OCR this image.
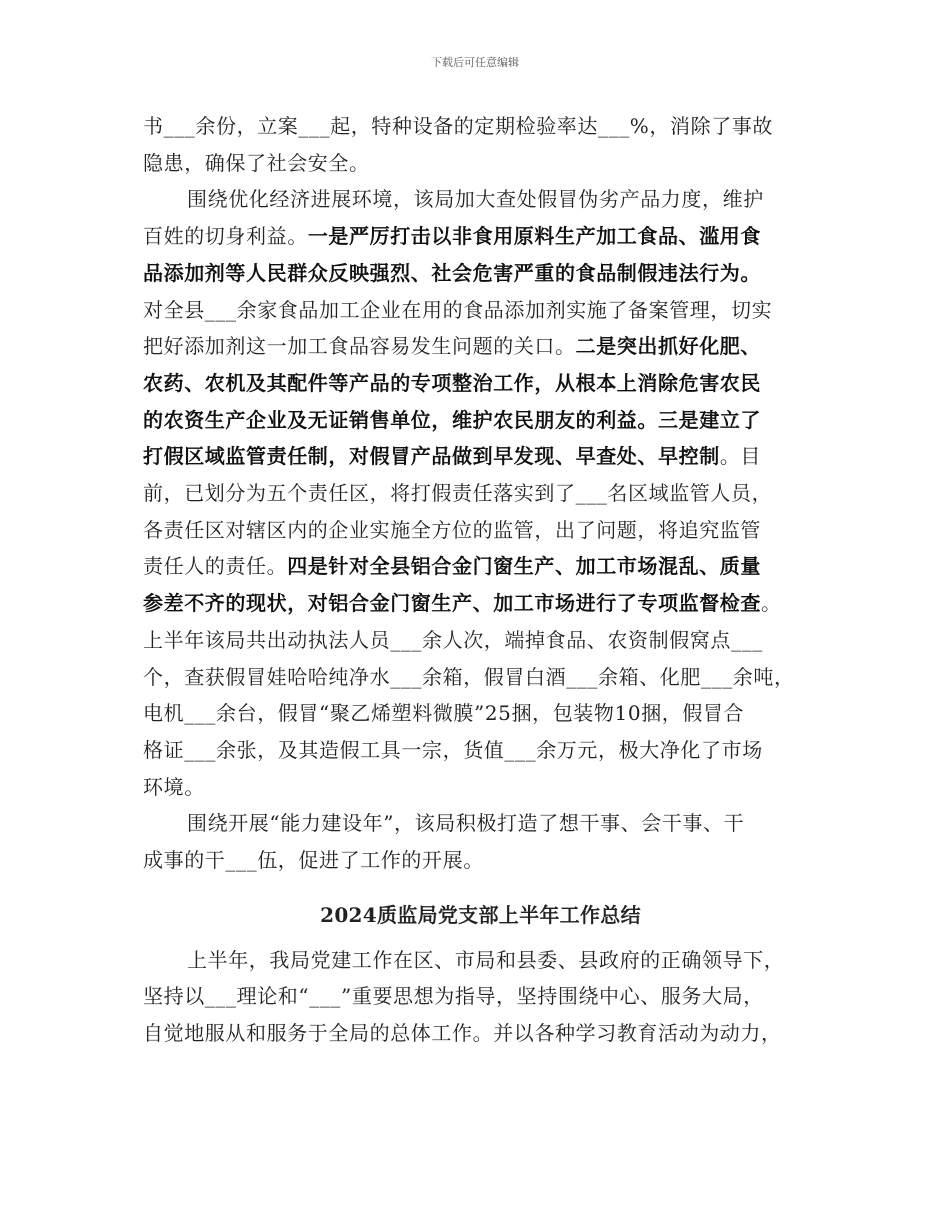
下载后可任意编辑
书___余份，立案___起，特种设备的定期检验率达___%，消除了事故
隐患，确保了社会安全。
围绕优化经济进展环境，该局加大查处假冒伪劣产品力度，维护
百姓的切身利益。一是严厉打击以非食用原料生产加工食品、滥用食
品添加剂等人民群众反映强烈、社会危害严重的食品制假违法行为。
对全县___余家食品加工企业在用的食品添加剂实施了备案管理，切实
把好添加剂这一加工食品容易发生问题的关口。二是突出抓好化肥、
农药、农机及其配件等产品的专项整治工作，从根本上消除危害农民
的农资生产企业及无证销售单位，维护农民朋友的利益。三是建立了
打假区域监管责任制，对假冒产品做到早发现、早查处、早控制。目
前，已划分为五个责任区，将打假责任落实到了___名区域监管人员，
各责任区对辖区内的企业实施全方位的监管，出了问题，将追究监管
责任人的责任。四是针对全县铝合金门窗生产、加工市场混乱、质量
参差不齐的现状，对铝合金门窗生产、加工市场进行了专项监督检查。
上半年该局共出动执法人员___余人次，端掉食品、农资制假窝点___
个，查获假冒娃哈哈纯净水___余箱，假冒白酒___余箱、化肥___余吨，
电机___余台，假冒“聚乙烯塑料微膜”25捆，包装物10捆，假冒合
格证___余张，及其造假工具一宗，货值___余万元，极大净化了市场
环境。
围绕开展“能力建设年”，该局积极打造了想干事、会干事、干
成事的干___伍，促进了工作的开展。
2024质监局党支部上半年工作总结
上半年，我局党建工作在区、市局和县委、县政府的正确领导下，
坚持以___理论和“___”重要思想为指导，坚持围绕中心、服务大局，
自觉地服从和服务于全局的总体工作。并以各种学习教育活动为动力，
